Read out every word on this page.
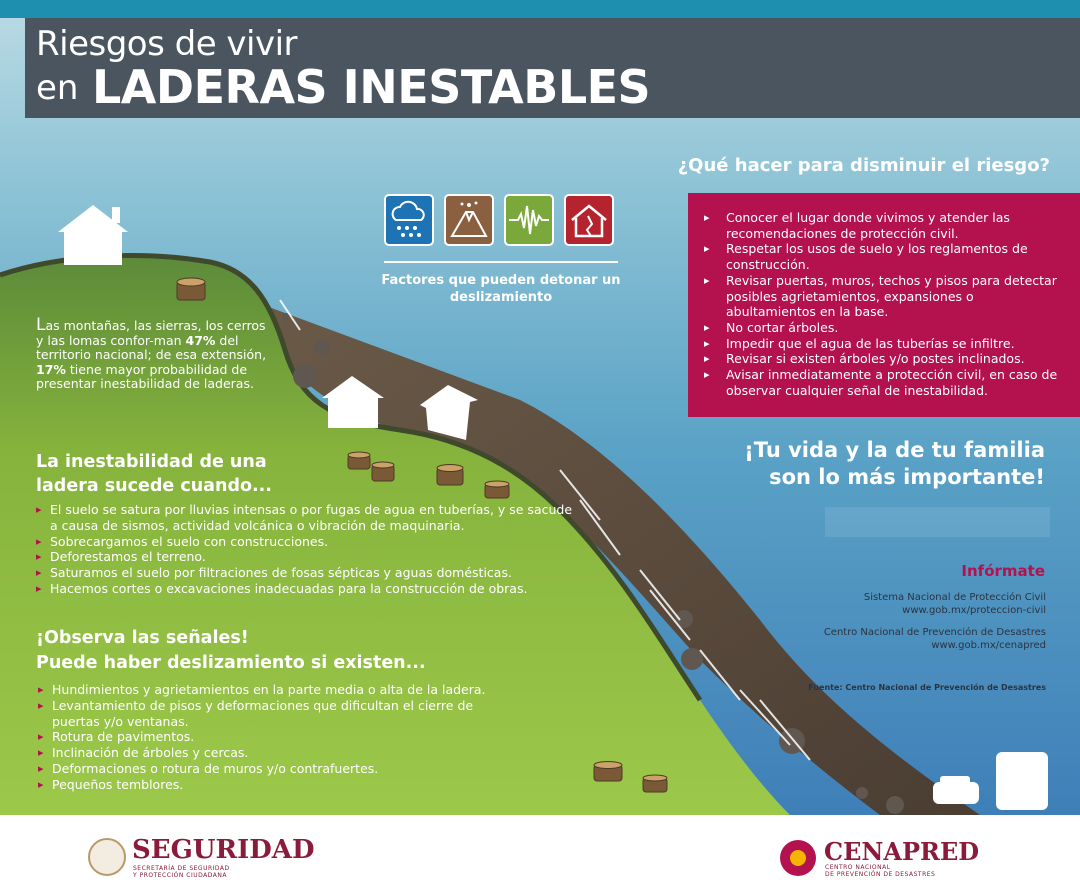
Riesgos de vivir
en LADERAS INESTABLES
Factores que pueden detonar un deslizamiento
Las montañas, las sierras, los cerros y las lomas confor-man 47% del territorio nacional; de esa extensión, 17% tiene mayor probabilidad de presentar inestabilidad de laderas.
La inestabilidad de una ladera sucede cuando...
▸ El suelo se satura por lluvias intensas o por fugas de agua en tuberías, y se sacude a causa de sismos, actividad volcánica o vibración de maquinaria.
▸ Sobrecargamos el suelo con construcciones.
▸ Deforestamos el terreno.
▸ Saturamos el suelo por filtraciones de fosas sépticas y aguas domésticas.
▸ Hacemos cortes o excavaciones inadecuadas para la construcción de obras.
¡Observa las señales!
Puede haber deslizamiento si existen...
▸ Hundimientos y agrietamientos en la parte media o alta de la ladera.
▸ Levantamiento de pisos y deformaciones que dificultan el cierre de puertas y/o ventanas.
▸ Rotura de pavimentos.
▸ Inclinación de árboles y cercas.
▸ Deformaciones o rotura de muros y/o contrafuertes.
▸ Pequeños temblores.
¿Qué hacer para disminuir el riesgo?
▸ Conocer el lugar donde vivimos y atender las recomendaciones de protección civil.
▸ Respetar los usos de suelo y los reglamentos de construcción.
▸ Revisar puertas, muros, techos y pisos para detectar posibles agrietamientos, expansiones o abultamientos en la base.
▸ No cortar árboles.
▸ Impedir que el agua de las tuberías se infiltre.
▸ Revisar si existen árboles y/o postes inclinados.
▸ Avisar inmediatamente a protección civil, en caso de observar cualquier señal de inestabilidad.
¡Tu vida y la de tu familia
son lo más importante!
Infórmate
Sistema Nacional de Protección Civil
www.gob.mx/proteccion-civil
Centro Nacional de Prevención de Desastres
www.gob.mx/cenapred
Fuente: Centro Nacional de Prevención de Desastres
SEGURIDAD
SECRETARÍA DE SEGURIDAD
Y PROTECCIÓN CIUDADANA
CENAPRED
CENTRO NACIONAL
DE PREVENCIÓN DE DESASTRES
